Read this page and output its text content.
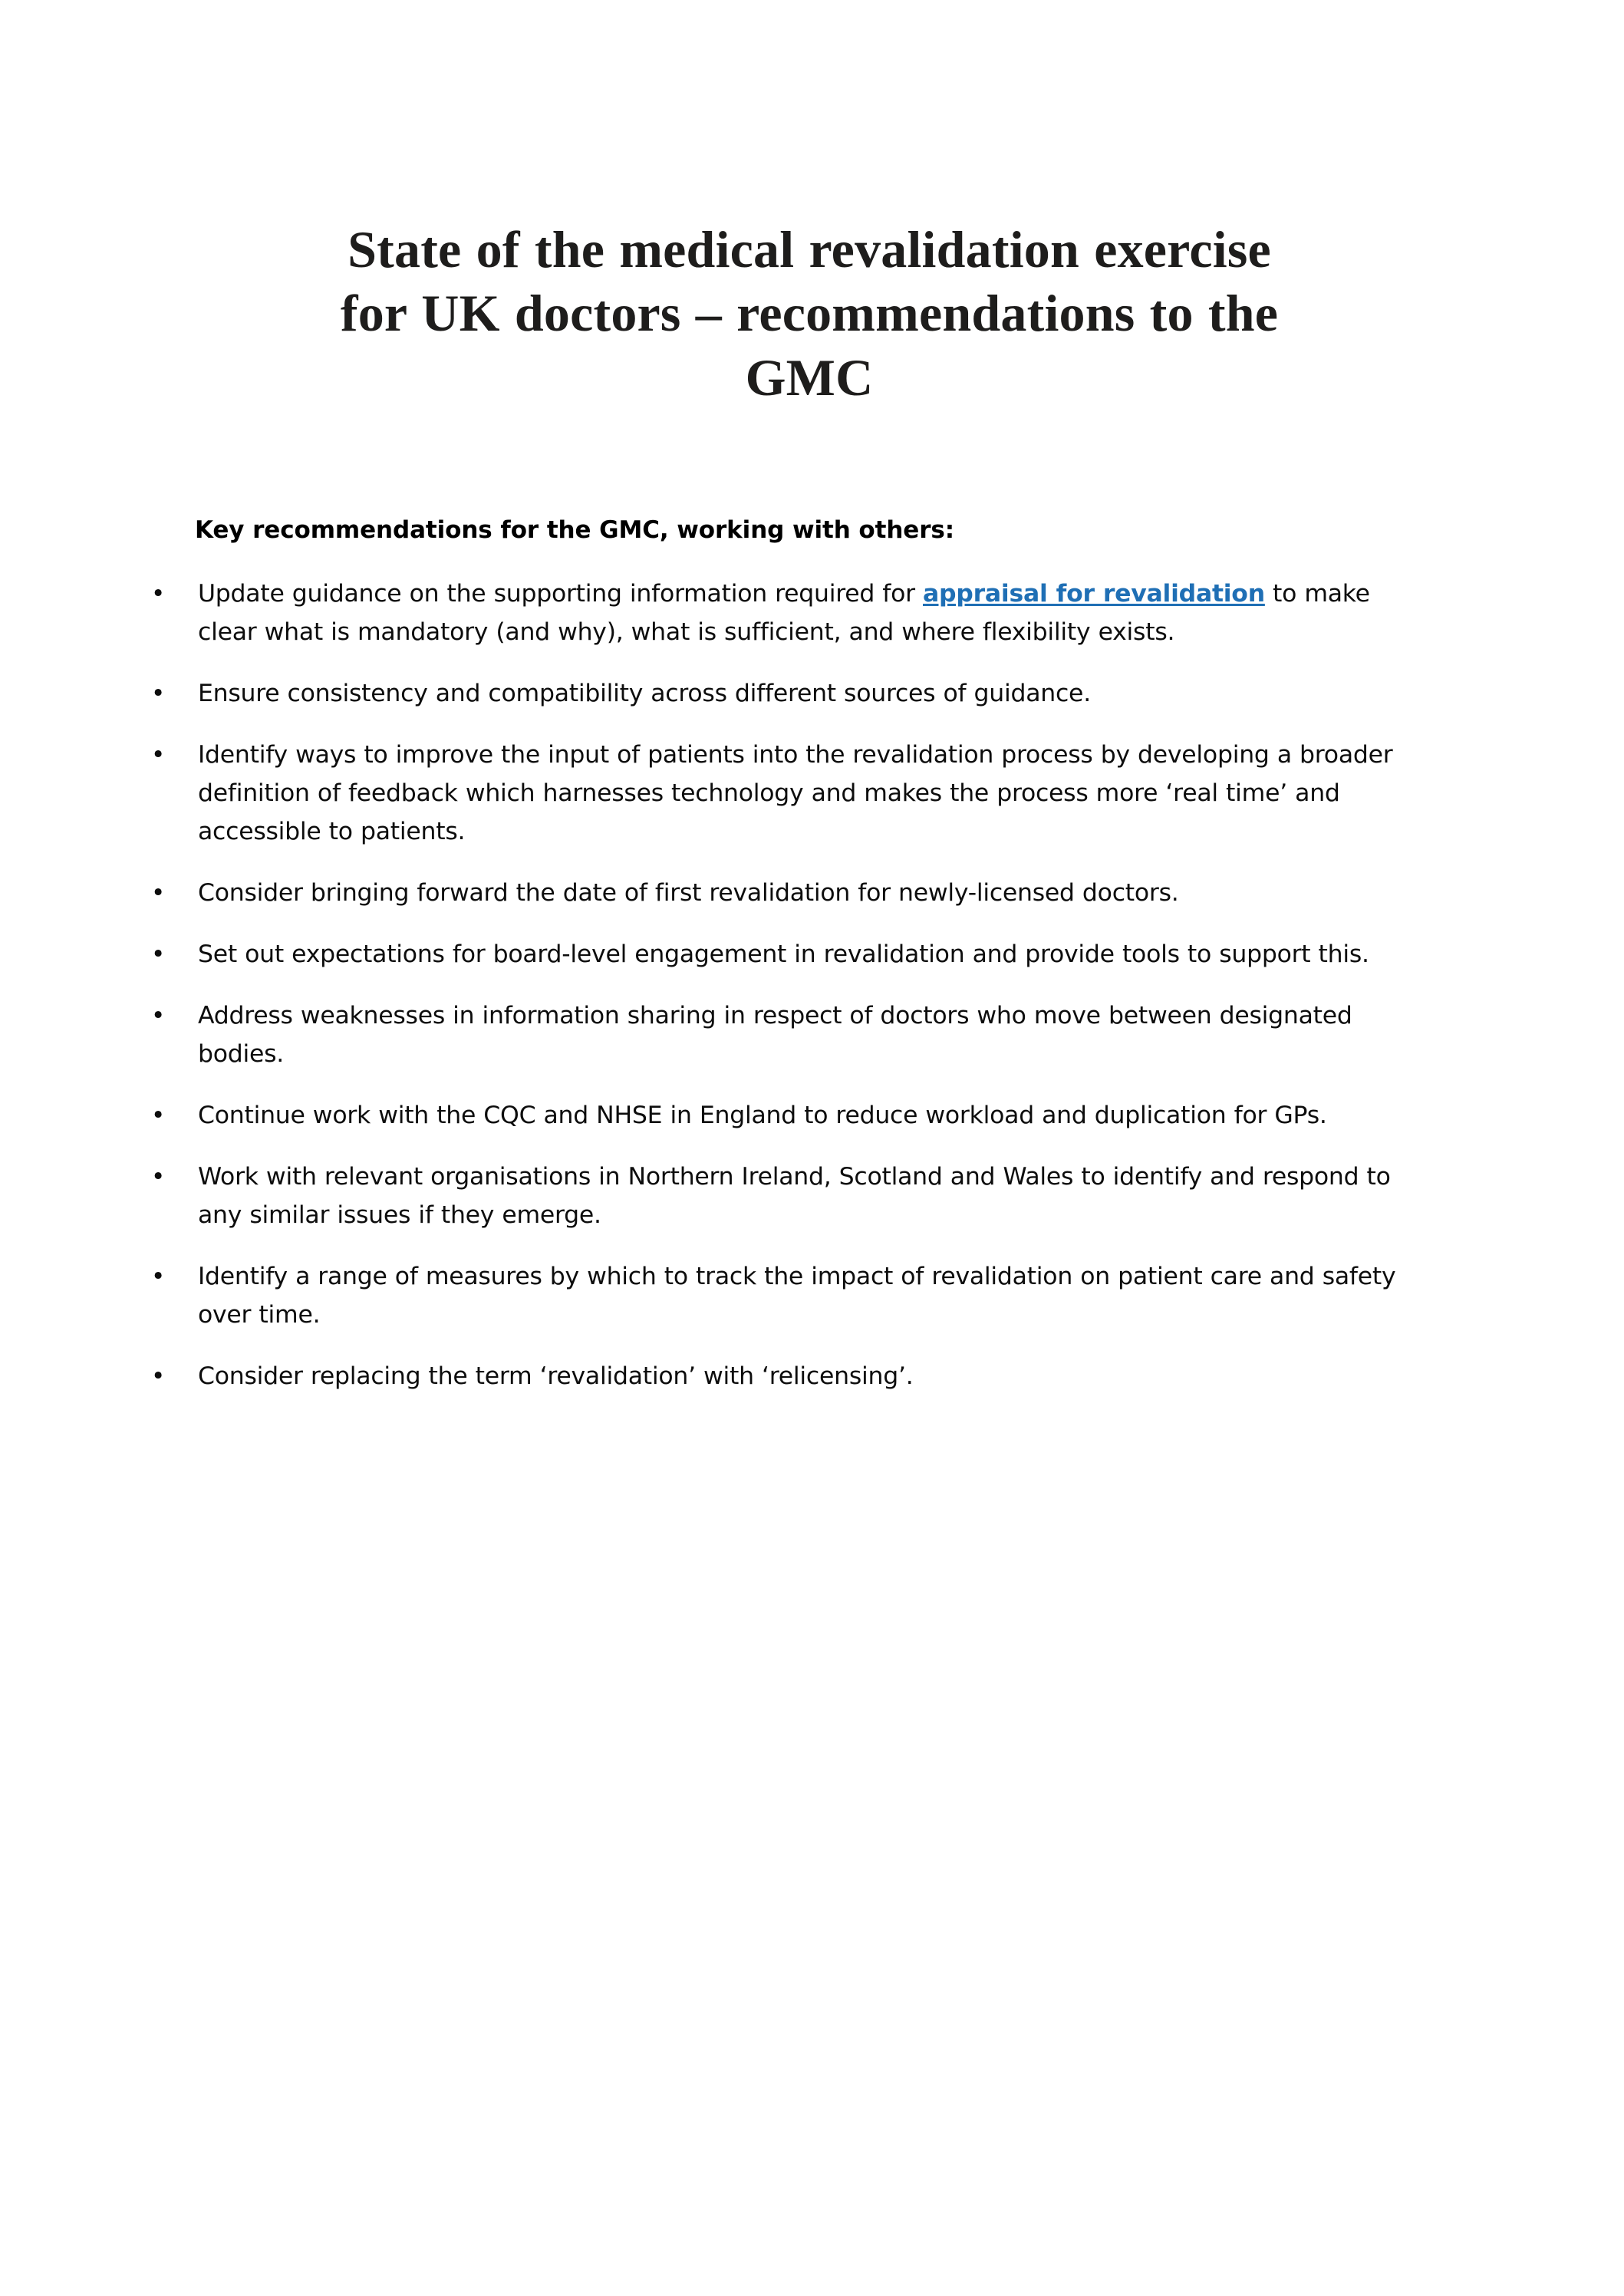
State of the medical revalidation exercise
for UK doctors – recommendations to the
GMC

Key recommendations for the GMC, working with others:

• Update guidance on the supporting information required for appraisal for revalidation to make clear what is mandatory (and why), what is sufficient, and where flexibility exists.
• Ensure consistency and compatibility across different sources of guidance.
• Identify ways to improve the input of patients into the revalidation process by developing a broader definition of feedback which harnesses technology and makes the process more ‘real time’ and accessible to patients.
• Consider bringing forward the date of first revalidation for newly-licensed doctors.
• Set out expectations for board-level engagement in revalidation and provide tools to support this.
• Address weaknesses in information sharing in respect of doctors who move between designated bodies.
• Continue work with the CQC and NHSE in England to reduce workload and duplication for GPs.
• Work with relevant organisations in Northern Ireland, Scotland and Wales to identify and respond to any similar issues if they emerge.
• Identify a range of measures by which to track the impact of revalidation on patient care and safety over time.
• Consider replacing the term ‘revalidation’ with ‘relicensing’.
